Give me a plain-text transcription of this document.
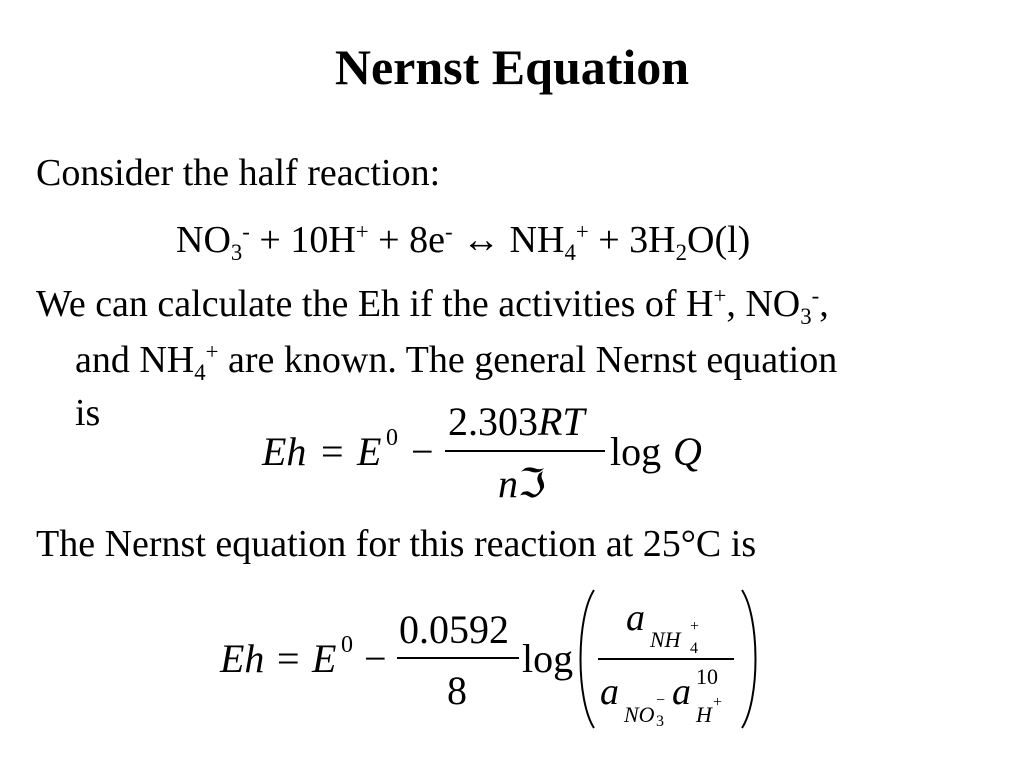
Nernst Equation
Consider the half reaction:
$NO_3^- + 10H^+ + 8e^-$ ↔ $NH_4^+ + 3H_2O(l)$
We can calculate the Eh if the activities of H+, $NO_3^-$,
and $NH_4^+$ are known. The general Nernst equation
is
Eh = E 0 −
2.303RT
nℑ
log Q
The Nernst equation for this reaction at 25°C is
Eh = E 0 −
0.0592
8
log
a
NH 4
+
a
NO 3
− a 10
H +
